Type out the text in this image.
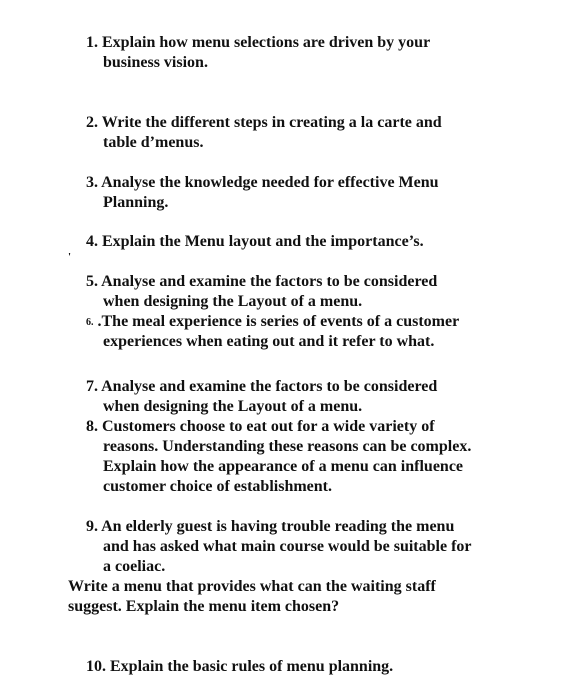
1. Explain how menu selections are driven by your
business vision.
2. Write the different steps in creating a la carte and
table d’menus.
3. Analyse the knowledge needed for effective Menu
Planning.
4. Explain the Menu layout and the importance’s.
'
5. Analyse and examine the factors to be considered
when designing the Layout of a menu.
6. .The meal experience is series of events of a customer
experiences when eating out and it refer to what.
7. Analyse and examine the factors to be considered
when designing the Layout of a menu.
8. Customers choose to eat out for a wide variety of
reasons. Understanding these reasons can be complex.
Explain how the appearance of a menu can influence
customer choice of establishment.
9. An elderly guest is having trouble reading the menu
and has asked what main course would be suitable for
a coeliac.
Write a menu that provides what can the waiting staff
suggest. Explain the menu item chosen?
10. Explain the basic rules of menu planning.
